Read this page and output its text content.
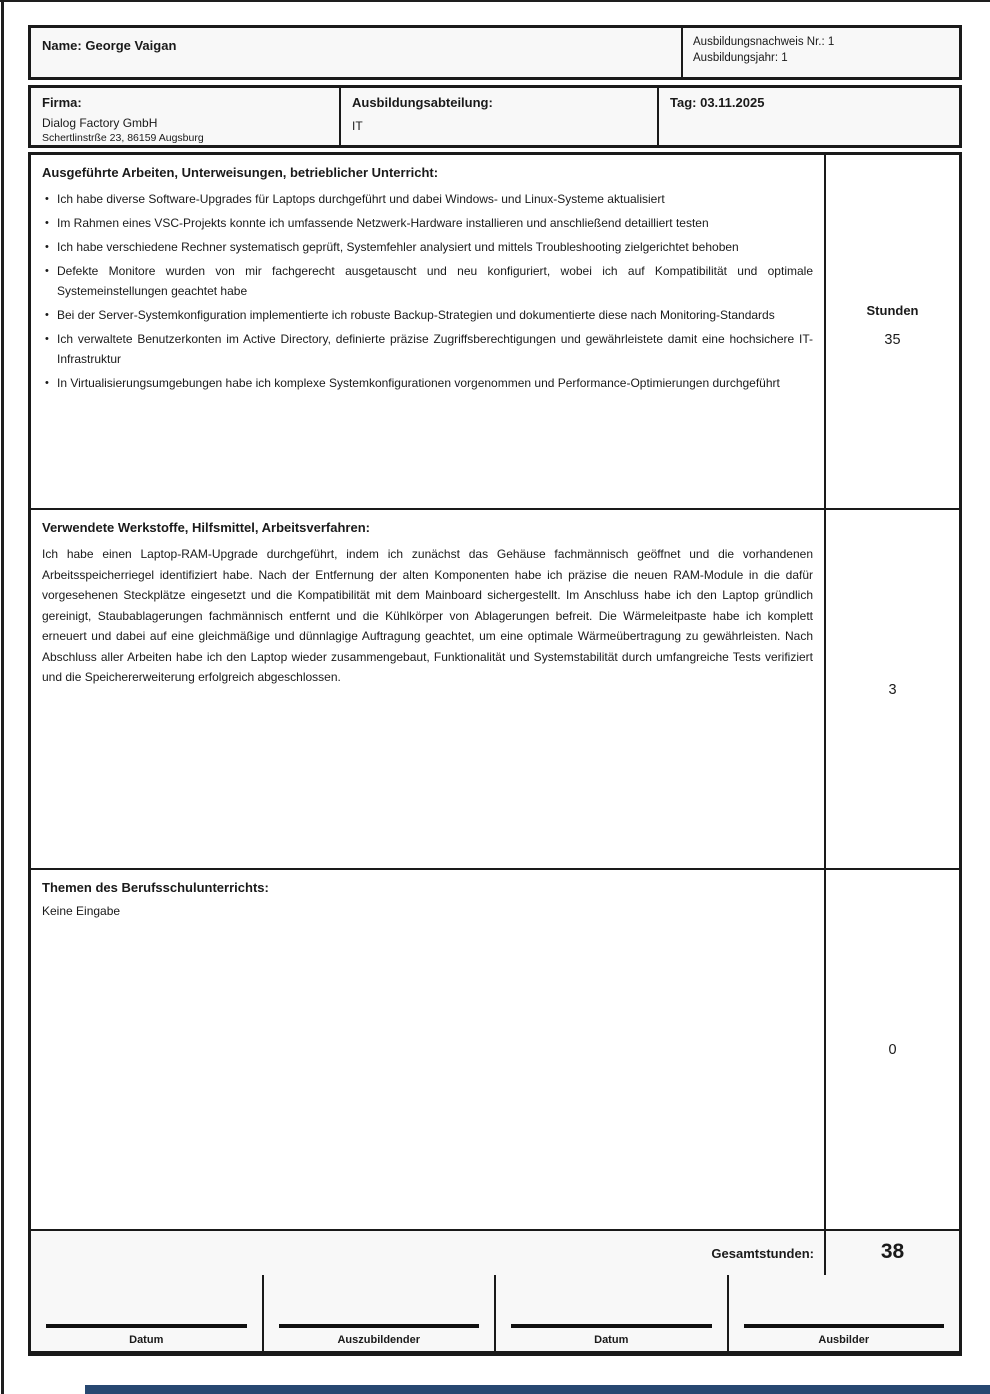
Name: George Vaigan	Ausbildungsnachweis Nr.: 1
Ausbildungsjahr: 1
Firma:
Dialog Factory GmbH
Schertlinstrße 23, 86159 Augsburg
Ausbildungsabteilung:
IT
Tag: 03.11.2025
Ausgeführte Arbeiten, Unterweisungen, betrieblicher Unterricht:
• Ich habe diverse Software-Upgrades für Laptops durchgeführt und dabei Windows- und Linux-Systeme aktualisiert
• Im Rahmen eines VSC-Projekts konnte ich umfassende Netzwerk-Hardware installieren und anschließend detailliert testen
• Ich habe verschiedene Rechner systematisch geprüft, Systemfehler analysiert und mittels Troubleshooting zielgerichtet behoben
• Defekte Monitore wurden von mir fachgerecht ausgetauscht und neu konfiguriert, wobei ich auf Kompatibilität und optimale Systemeinstellungen geachtet habe
• Bei der Server-Systemkonfiguration implementierte ich robuste Backup-Strategien und dokumentierte diese nach Monitoring-Standards
• Ich verwaltete Benutzerkonten im Active Directory, definierte präzise Zugriffsberechtigungen und gewährleistete damit eine hochsichere IT-Infrastruktur
• In Virtualisierungsumgebungen habe ich komplexe Systemkonfigurationen vorgenommen und Performance-Optimierungen durchgeführt
Stunden
35
Verwendete Werkstoffe, Hilfsmittel, Arbeitsverfahren:
Ich habe einen Laptop-RAM-Upgrade durchgeführt, indem ich zunächst das Gehäuse fachmännisch geöffnet und die vorhandenen Arbeitsspeicherriegel identifiziert habe. Nach der Entfernung der alten Komponenten habe ich präzise die neuen RAM-Module in die dafür vorgesehenen Steckplätze eingesetzt und die Kompatibilität mit dem Mainboard sichergestellt. Im Anschluss habe ich den Laptop gründlich gereinigt, Staubablagerungen fachmännisch entfernt und die Kühlkörper von Ablagerungen befreit. Die Wärmeleitpaste habe ich komplett erneuert und dabei auf eine gleichmäßige und dünnlagige Auftragung geachtet, um eine optimale Wärmeübertragung zu gewährleisten. Nach Abschluss aller Arbeiten habe ich den Laptop wieder zusammengebaut, Funktionalität und Systemstabilität durch umfangreiche Tests verifiziert und die Speichererweiterung erfolgreich abgeschlossen.
3
Themen des Berufsschulunterrichts:
Keine Eingabe
0
Gesamtstunden:	38
Datum	Auszubildender	Datum	Ausbilder
